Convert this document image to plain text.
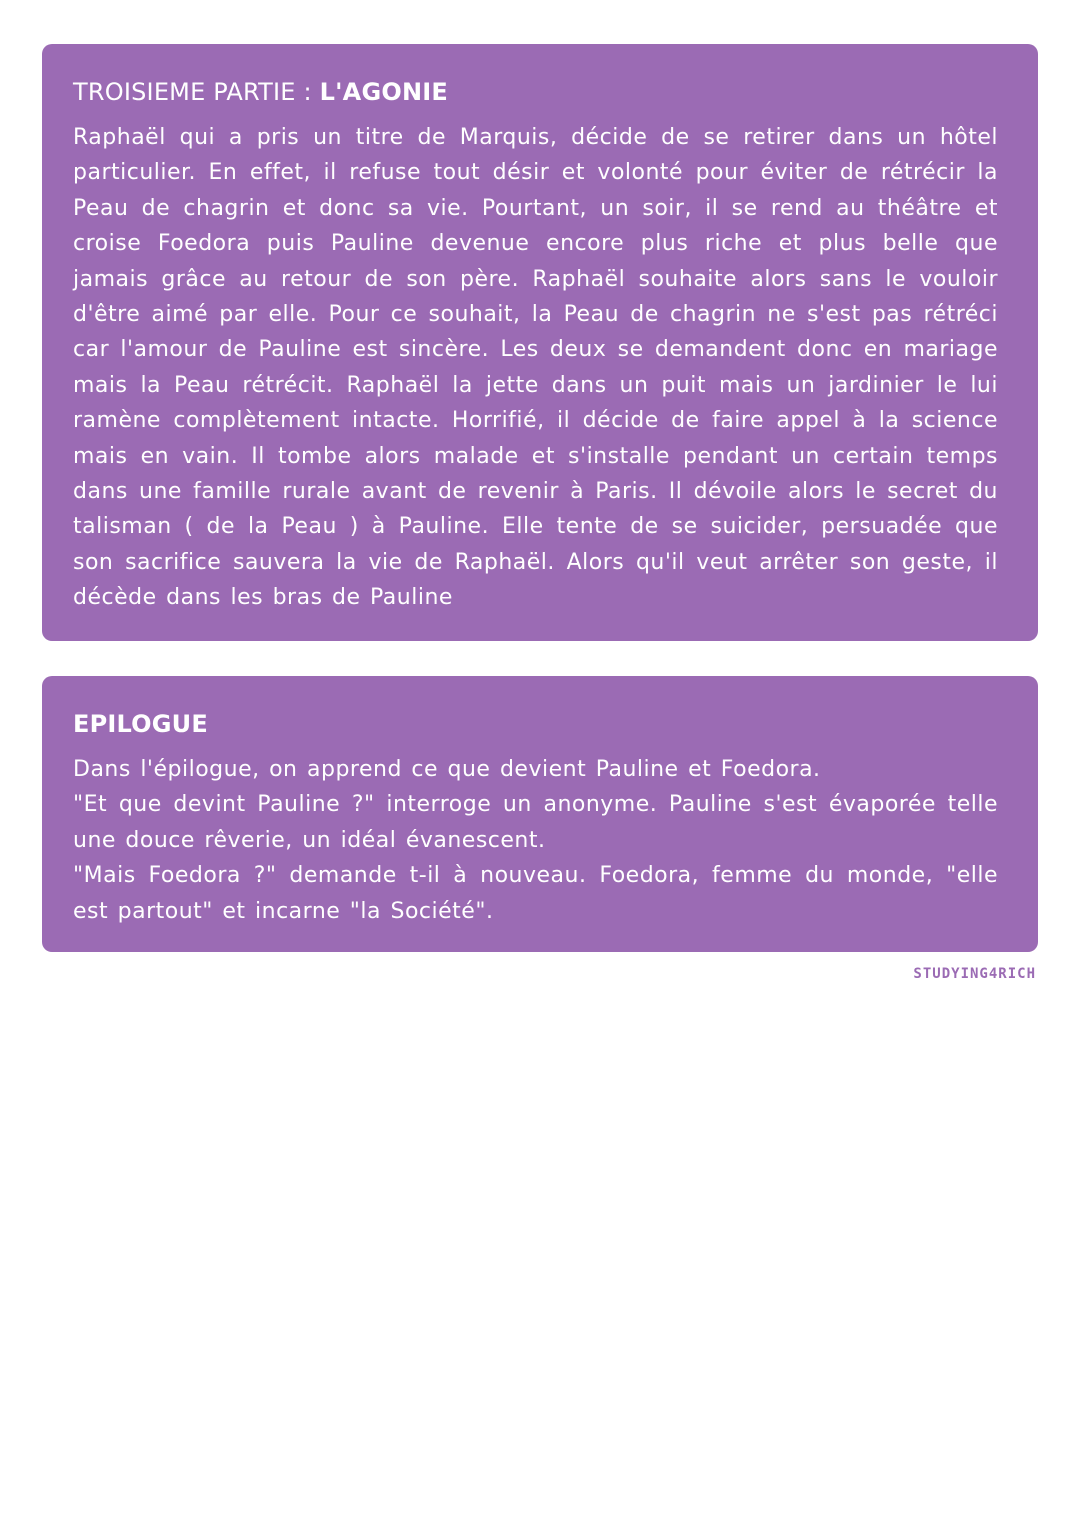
TROISIEME PARTIE : L'AGONIE

Raphaël qui a pris un titre de Marquis, décide de se retirer dans un hôtel particulier. En effet, il refuse tout désir et volonté pour éviter de rétrécir la Peau de chagrin et donc sa vie. Pourtant, un soir, il se rend au théâtre et croise Foedora puis Pauline devenue encore plus riche et plus belle que jamais grâce au retour de son père. Raphaël souhaite alors sans le vouloir d'être aimé par elle. Pour ce souhait, la Peau de chagrin ne s'est pas rétréci car l'amour de Pauline est sincère. Les deux se demandent donc en mariage mais la Peau rétrécit. Raphaël la jette dans un puit mais un jardinier le lui ramène complètement intacte. Horrifié, il décide de faire appel à la science mais en vain. Il tombe alors malade et s'installe pendant un certain temps dans une famille rurale avant de revenir à Paris. Il dévoile alors le secret du talisman ( de la Peau ) à Pauline. Elle tente de se suicider, persuadée que son sacrifice sauvera la vie de Raphaël. Alors qu'il veut arrêter son geste, il décède dans les bras de Pauline

EPILOGUE

Dans l'épilogue, on apprend ce que devient Pauline et Foedora.

"Et que devint Pauline ?" interroge un anonyme. Pauline s'est évaporée telle une douce rêverie, un idéal évanescent.

"Mais Foedora ?" demande t-il à nouveau. Foedora, femme du monde, "elle est partout" et incarne "la Société".

STUDYING4RICH
